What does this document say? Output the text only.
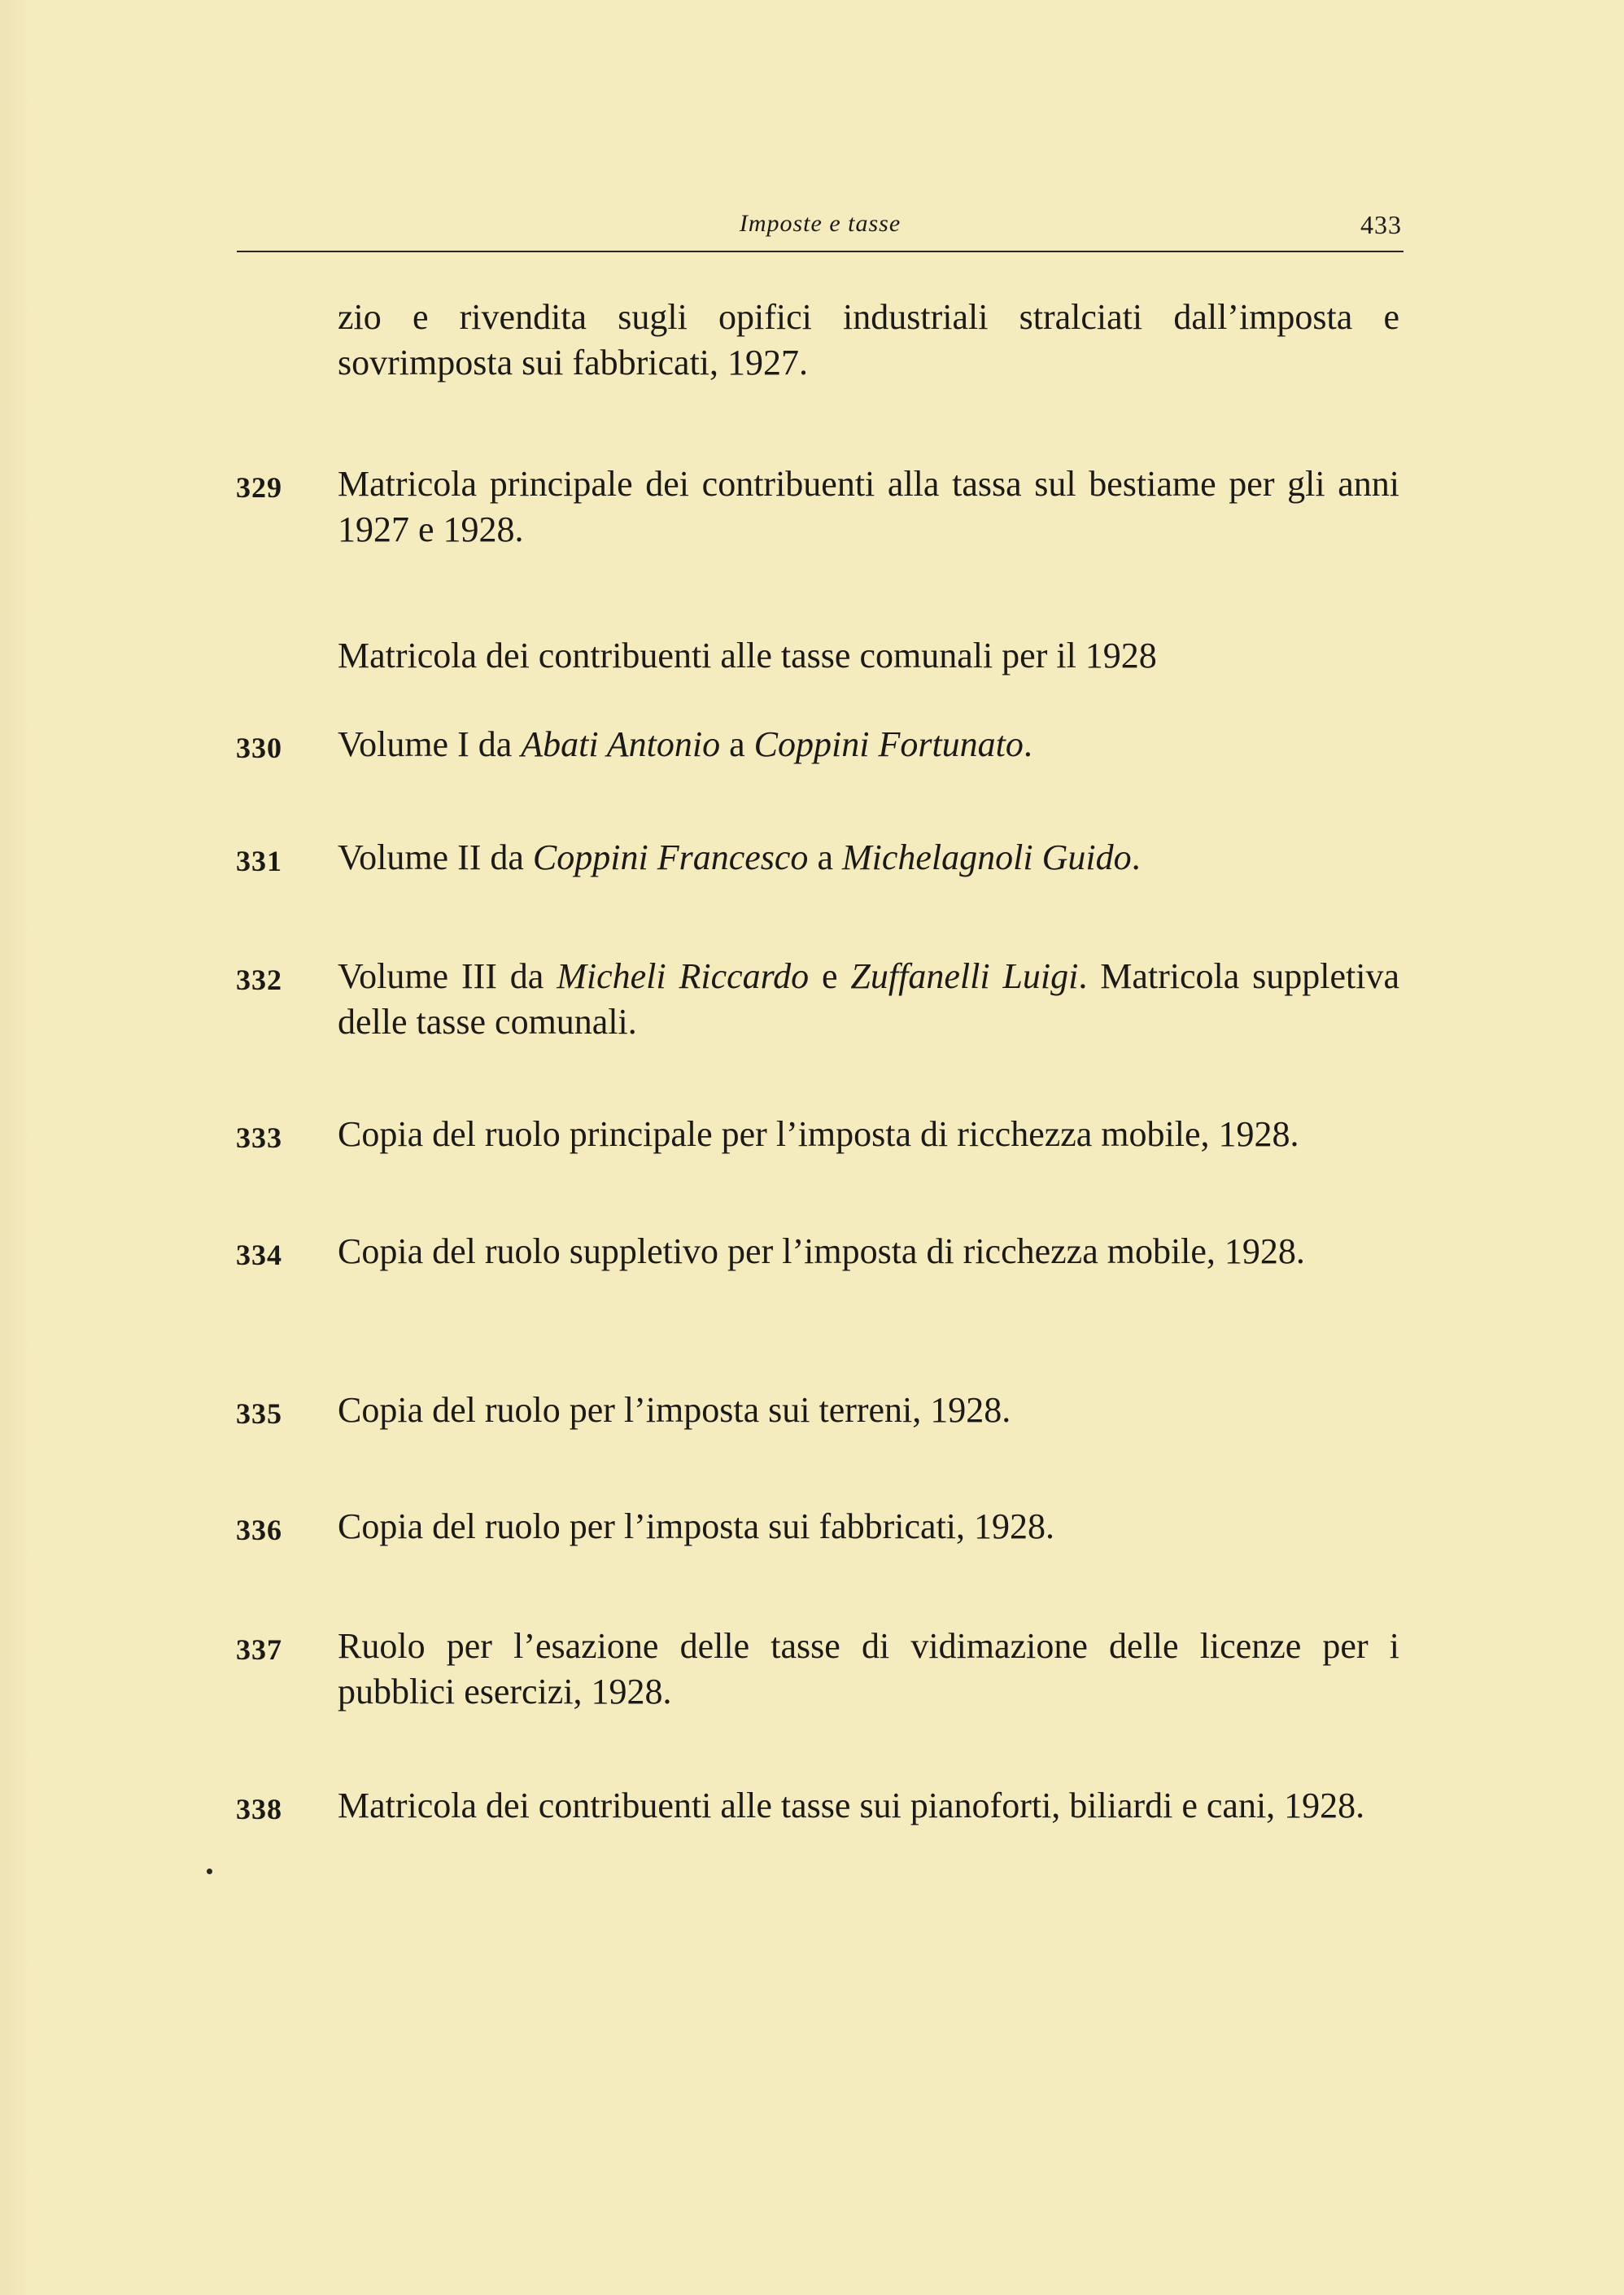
Imposte e tasse	433
zio e rivendita sugli opifici industriali stralciati dall’imposta e sovrimposta sui fabbricati, 1927.
329 Matricola principale dei contribuenti alla tassa sul bestiame per gli anni 1927 e 1928.
Matricola dei contribuenti alle tasse comunali per il 1928
330 Volume I da Abati Antonio a Coppini Fortunato.
331 Volume II da Coppini Francesco a Michelagnoli Guido.
332 Volume III da Micheli Riccardo e Zuffanelli Luigi. Matricola suppletiva delle tasse comunali.
333 Copia del ruolo principale per l’imposta di ricchezza mobile, 1928.
334 Copia del ruolo suppletivo per l’imposta di ricchezza mobile, 1928.
335 Copia del ruolo per l’imposta sui terreni, 1928.
336 Copia del ruolo per l’imposta sui fabbricati, 1928.
337 Ruolo per l’esazione delle tasse di vidimazione delle licenze per i pubblici esercizi, 1928.
338 Matricola dei contribuenti alle tasse sui pianoforti, biliardi e cani, 1928.
